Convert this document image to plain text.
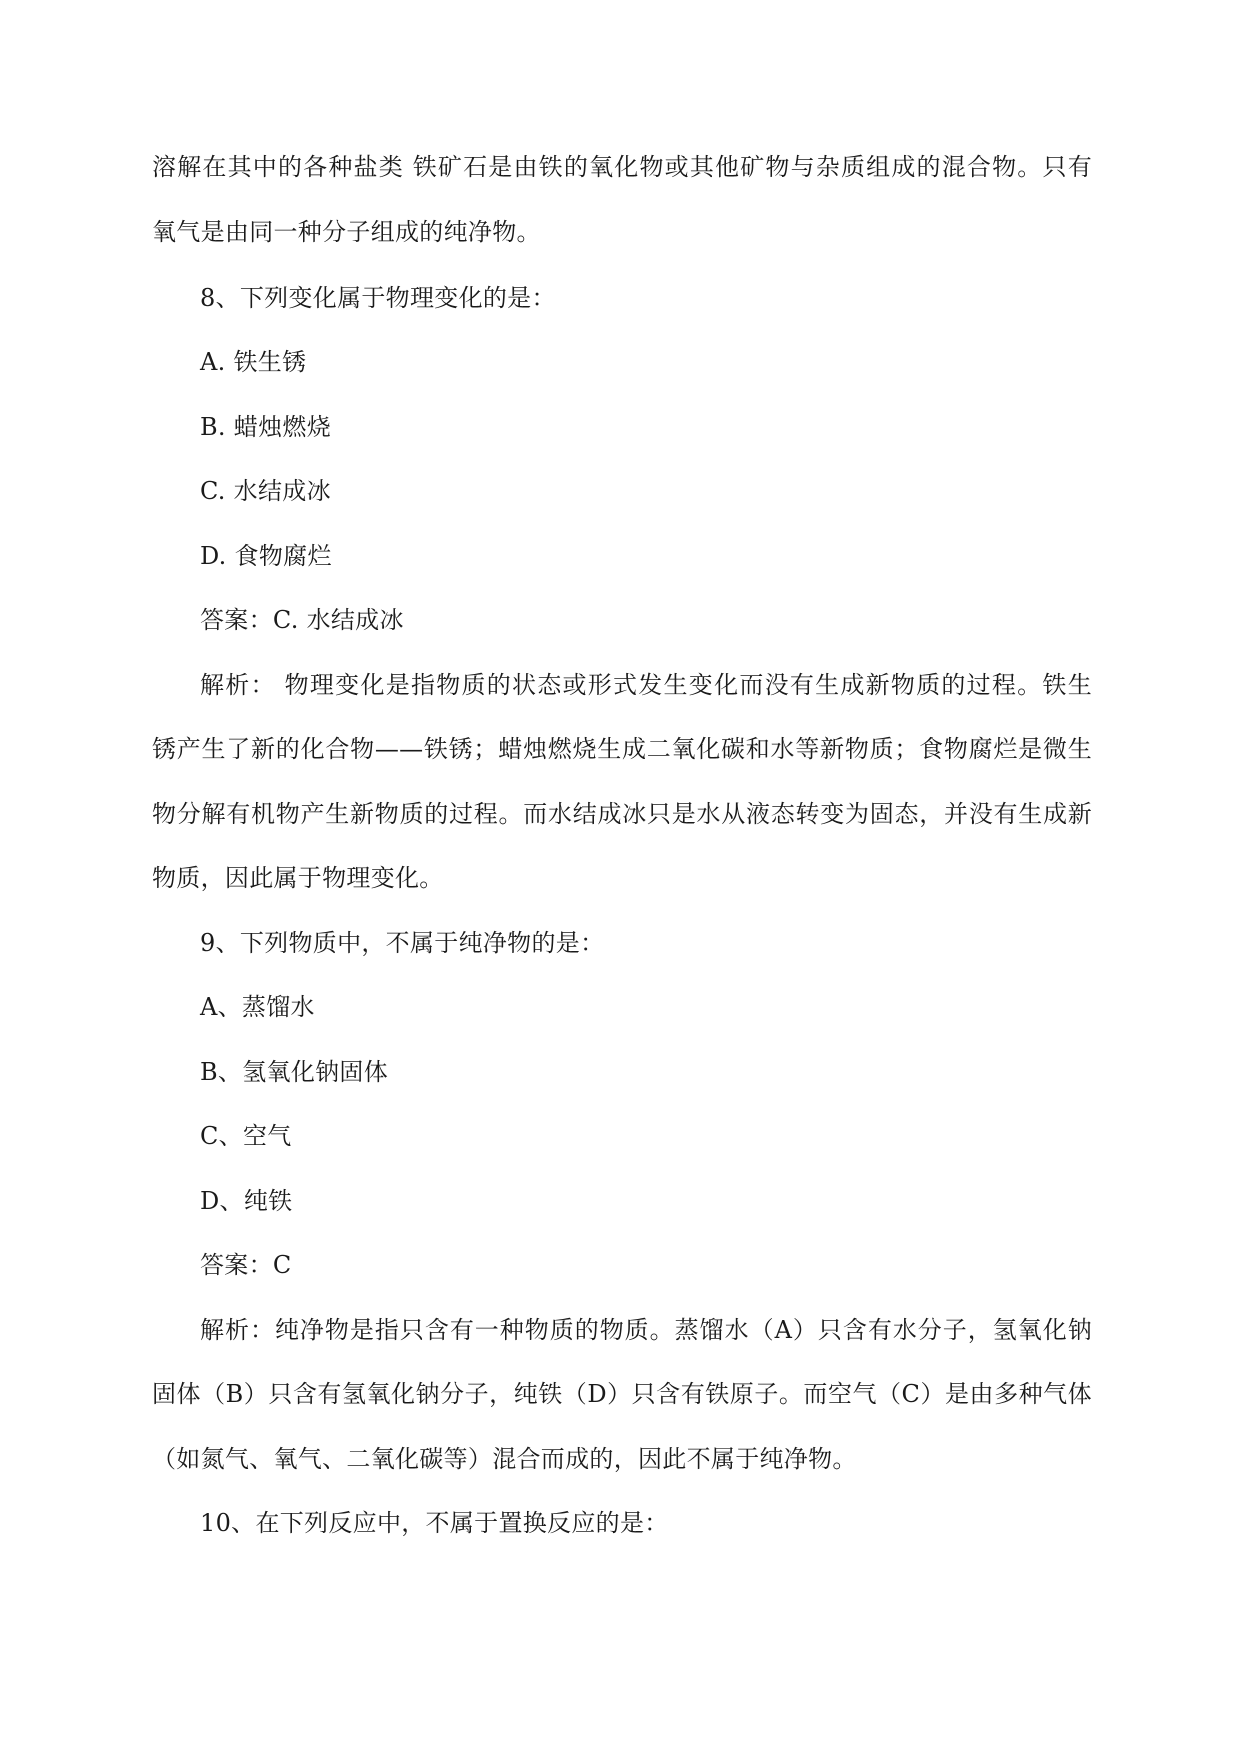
溶解在其中的各种盐类 铁矿石是由铁的氧化物或其他矿物与杂质组成的混合物。只有
氧气是由同一种分子组成的纯净物。
8、下列变化属于物理变化的是：
A. 铁生锈
B. 蜡烛燃烧
C. 水结成冰
D. 食物腐烂
答案：C. 水结成冰
解析： 物理变化是指物质的状态或形式发生变化而没有生成新物质的过程。铁生
锈产生了新的化合物——铁锈；蜡烛燃烧生成二氧化碳和水等新物质；食物腐烂是微生
物分解有机物产生新物质的过程。而水结成冰只是水从液态转变为固态，并没有生成新
物质，因此属于物理变化。
9、下列物质中，不属于纯净物的是：
A、蒸馏水
B、氢氧化钠固体
C、空气
D、纯铁
答案：C
解析：纯净物是指只含有一种物质的物质。蒸馏水（A）只含有水分子，氢氧化钠
固体（B）只含有氢氧化钠分子，纯铁（D）只含有铁原子。而空气（C）是由多种气体
（如氮气、氧气、二氧化碳等）混合而成的，因此不属于纯净物。
10、在下列反应中，不属于置换反应的是：
